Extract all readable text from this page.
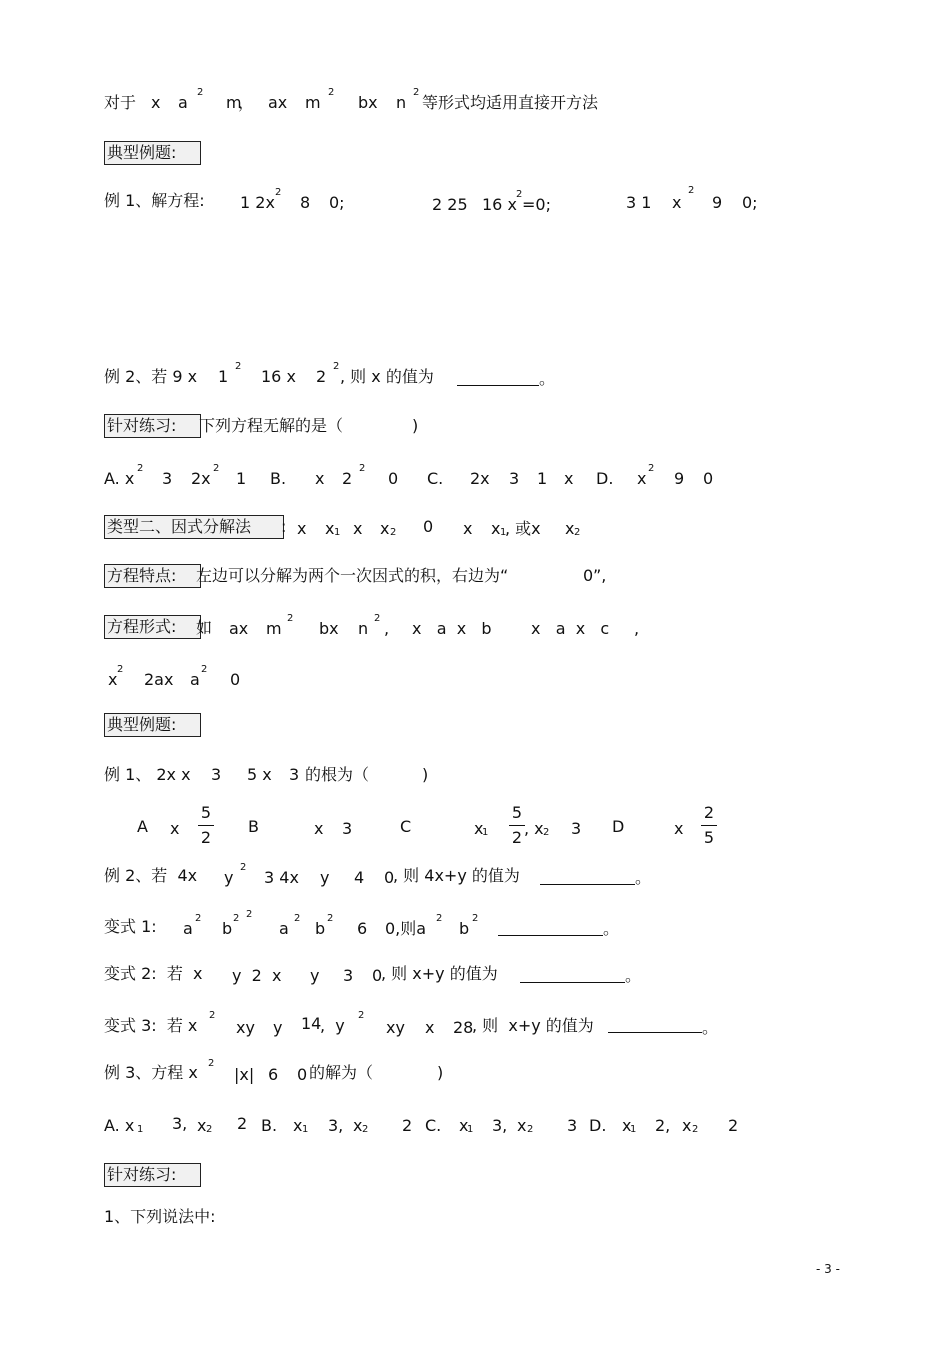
对于 x a
2
m
， ax m
2
bx n
2
等形式均适用直接开方法
典型例题:
例 1、解方程: 1 2x
2
8 0;	2 25 16 x
2
=0;	3 1 x
2
9 0;
例 2、若 9 x 1
2
16 x 2
2
, 则 x 的值为	。
针对练习:	下列方程无解的是（	)
A. x
2
3 2x
2
1 B. x 2
2
0 C. 2x 3 1 x D. x
2
9 0
类型二、因式分解法	: x x 1 x x 2 0 x x 1
, 或x x 2
方程特点:	左边可以分解为两个一次因式的积，右边为“	0 ”,
方程形式:	如 ax m
2
bx n
2
, x   a  x   b x   a  x   c ,
x
2
2ax a
2
0
典型例题:
例 1、 2x x 3 5 x 3 的根为（	)
A x
5
2
B	x 3	C	x
1
5
2 , x 2 3 D	x
2
5
例 2、若  4x y
2
3 4x y 4 0
, 则 4x+y 的值为	。
变式 1: a
2
b
2 2
a
2
b
2
6 0,则a
2
b
2
。
变式 2:  若  x y  2  x y 3 0
, 则 x+y 的值为	。
变式 3:  若 x
2
xy y 14
,  y
2
xy x 28
, 则  x+y 的值为	。
例 3、方程 x 2
|x| 6 0 的解为（	)
A. x 1 3, x 2 2 B. x 1 3, x 2 2 C. x
1 3, x 2 3 D. x
1 2, x 2 2
针对练习:
1、下列说法中:
- 3 -
